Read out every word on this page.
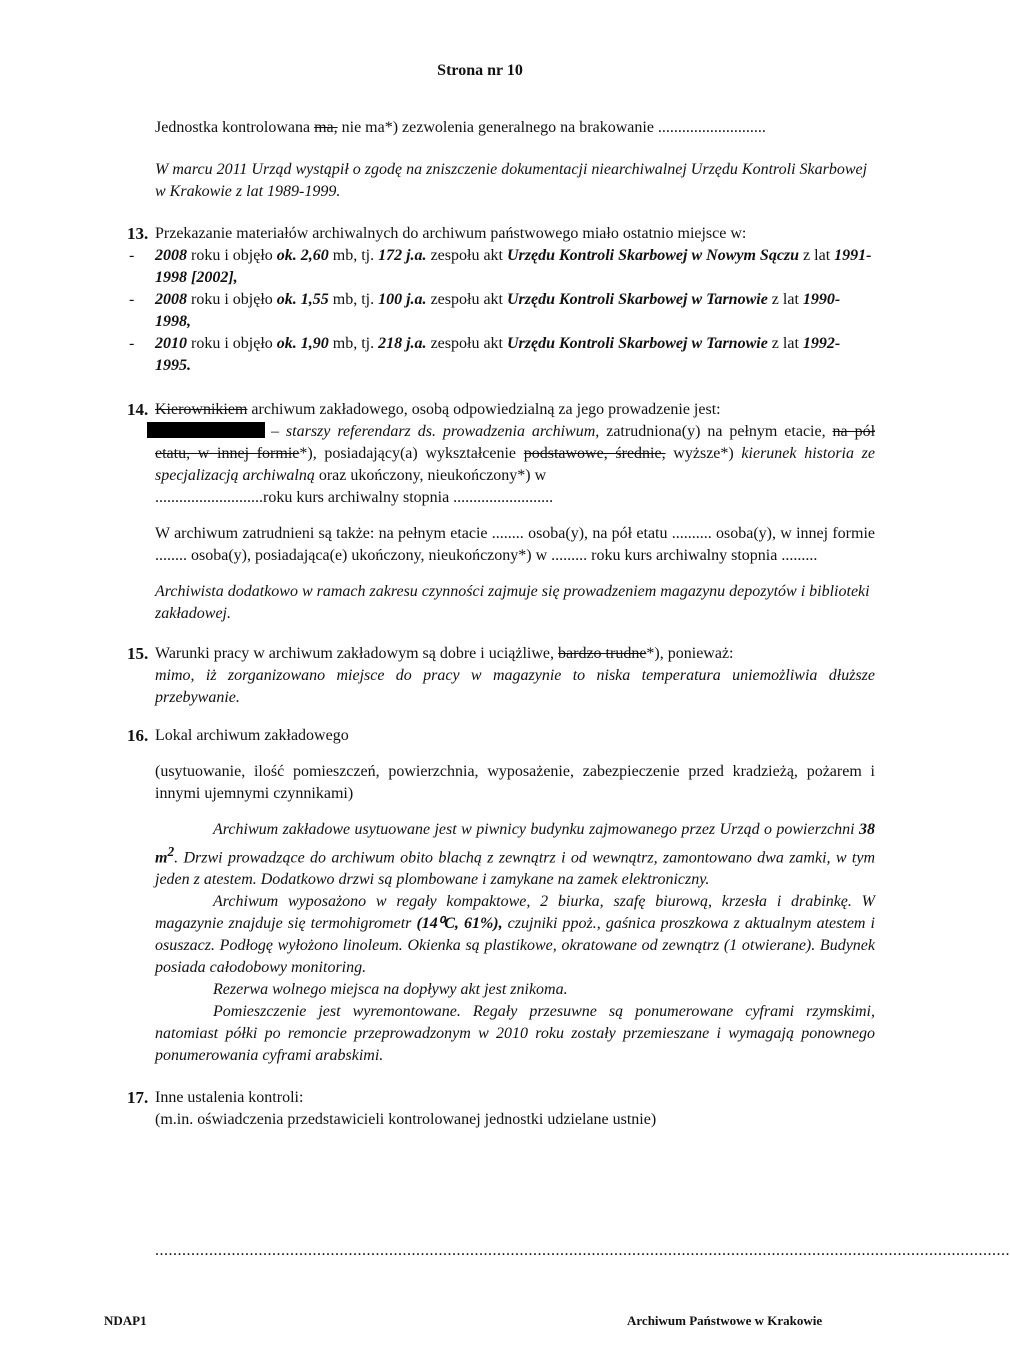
Strona nr 10

Jednostka kontrolowana ma, nie ma*) zezwolenia generalnego na brakowanie ...........................

W marcu 2011 Urząd wystąpił o zgodę na zniszczenie dokumentacji niearchiwalnej Urzędu Kontroli Skarbowej w Krakowie z lat 1989-1999.

13. Przekazanie materiałów archiwalnych do archiwum państwowego miało ostatnio miejsce w:

- 2008 roku i objęło ok. 2,60 mb, tj. 172 j.a. zespołu akt Urzędu Kontroli Skarbowej w Nowym Sączu z lat 1991-1998 [2002],

- 2008 roku i objęło ok. 1,55 mb, tj. 100 j.a. zespołu akt Urzędu Kontroli Skarbowej w Tarnowie z lat 1990-1998,

- 2010 roku i objęło ok. 1,90 mb, tj. 218 j.a. zespołu akt Urzędu Kontroli Skarbowej w Tarnowie z lat 1992-1995.

14. Kierownikiem archiwum zakładowego, osobą odpowiedzialną za jego prowadzenie jest:

– starszy referendarz ds. prowadzenia archiwum, zatrudniona(y) na pełnym etacie, na pół etatu, w innej formie*), posiadający(a) wykształcenie podstawowe, średnie, wyższe*) kierunek historia ze specjalizacją archiwalną oraz ukończony, nieukończony*) w

...........................roku kurs archiwalny stopnia .........................

W archiwum zatrudnieni są także: na pełnym etacie ........ osoba(y), na pół etatu .......... osoba(y), w innej formie ........ osoba(y), posiadająca(e) ukończony, nieukończony*) w ......... roku kurs archiwalny stopnia .........

Archiwista dodatkowo w ramach zakresu czynności zajmuje się prowadzeniem magazynu depozytów i biblioteki zakładowej.

15. Warunki pracy w archiwum zakładowym są dobre i uciążliwe, bardzo trudne*), ponieważ:

mimo, iż zorganizowano miejsce do pracy w magazynie to niska temperatura uniemożliwia dłuższe przebywanie.

16. Lokal archiwum zakładowego

(usytuowanie, ilość pomieszczeń, powierzchnia, wyposażenie, zabezpieczenie przed kradzieżą, pożarem i innymi ujemnymi czynnikami)

Archiwum zakładowe usytuowane jest w piwnicy budynku zajmowanego przez Urząd o powierzchni 38 $m^2$. Drzwi prowadzące do archiwum obito blachą z zewnątrz i od wewnątrz, zamontowano dwa zamki, w tym jeden z atestem. Dodatkowo drzwi są plombowane i zamykane na zamek elektroniczny.

Archiwum wyposażono w regały kompaktowe, 2 biurka, szafę biurową, krzesła i drabinkę. W magazynie znajduje się termohigrometr (14⁰C, 61%), czujniki ppoż., gaśnica proszkowa z aktualnym atestem i osuszacz. Podłogę wyłożono linoleum. Okienka są plastikowe, okratowane od zewnątrz (1 otwierane). Budynek posiada całodobowy monitoring.

Rezerwa wolnego miejsca na dopływy akt jest znikoma.

Pomieszczenie jest wyremontowane. Regały przesuwne są ponumerowane cyframi rzymskimi, natomiast półki po remoncie przeprowadzonym w 2010 roku zostały przemieszane i wymagają ponownego ponumerowania cyframi arabskimi.

17. Inne ustalenia kontroli:

(m.in. oświadczenia przedstawicieli kontrolowanej jednostki udzielane ustnie)

..............................................................................................................................................................................................
NDAP1	Archiwum Państwowe w Krakowie
